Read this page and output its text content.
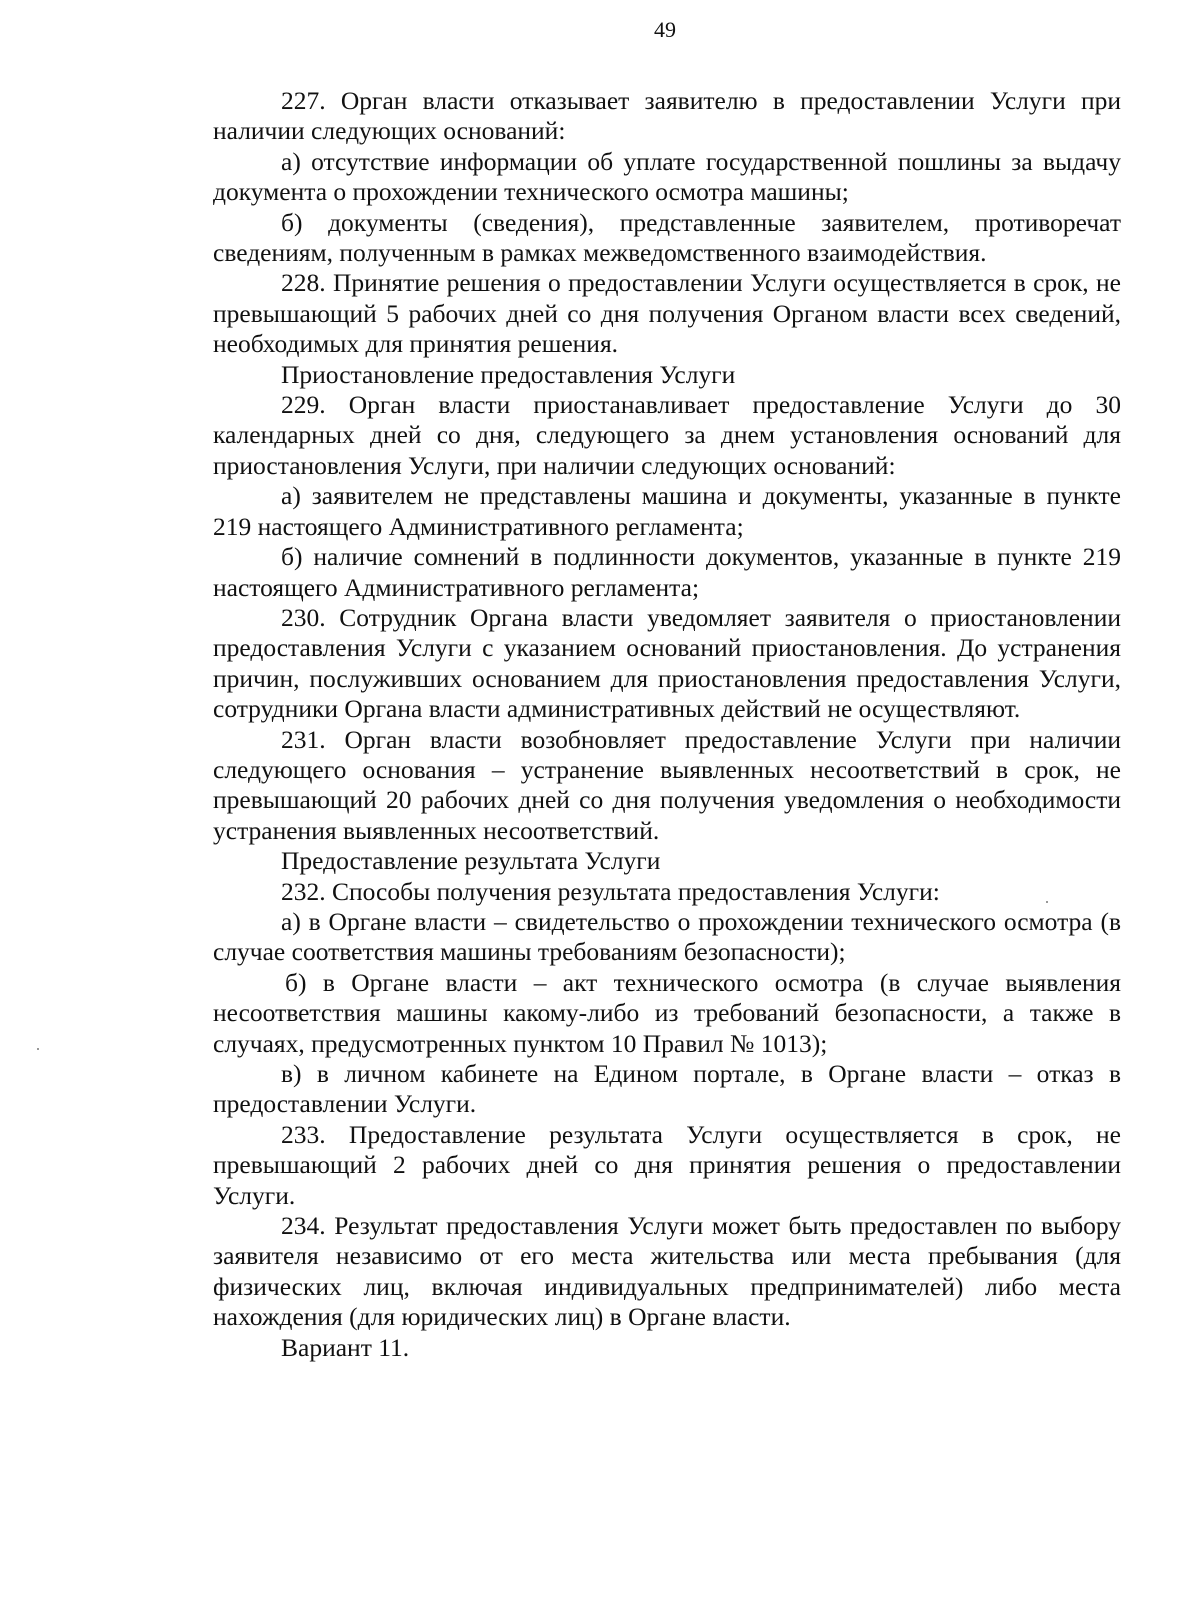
49

227. Орган власти отказывает заявителю в предоставлении Услуги при наличии следующих оснований:

а) отсутствие информации об уплате государственной пошлины за выдачу документа о прохождении технического осмотра машины;

б) документы (сведения), представленные заявителем, противоречат сведениям, полученным в рамках межведомственного взаимодействия.

228. Принятие решения о предоставлении Услуги осуществляется в срок, не превышающий 5 рабочих дней со дня получения Органом власти всех сведений, необходимых для принятия решения.

Приостановление предоставления Услуги

229. Орган власти приостанавливает предоставление Услуги до 30 календарных дней со дня, следующего за днем установления оснований для приостановления Услуги, при наличии следующих оснований:

а) заявителем не представлены машина и документы, указанные в пункте 219 настоящего Административного регламента;

б) наличие сомнений в подлинности документов, указанные в пункте 219 настоящего Административного регламента;

230. Сотрудник Органа власти уведомляет заявителя о приостановлении предоставления Услуги с указанием оснований приостановления. До устранения причин, послуживших основанием для приостановления предоставления Услуги, сотрудники Органа власти административных действий не осуществляют.

231. Орган власти возобновляет предоставление Услуги при наличии следующего основания – устранение выявленных несоответствий в срок, не превышающий 20 рабочих дней со дня получения уведомления о необходимости устранения выявленных несоответствий.

Предоставление результата Услуги

232. Способы получения результата предоставления Услуги:

а) в Органе власти – свидетельство о прохождении технического осмотра (в случае соответствия машины требованиям безопасности);

б) в Органе власти – акт технического осмотра (в случае выявления несоответствия машины какому-либо из требований безопасности, а также в случаях, предусмотренных пунктом 10 Правил № 1013);

в) в личном кабинете на Едином портале, в Органе власти – отказ в предоставлении Услуги.

233. Предоставление результата Услуги осуществляется в срок, не превышающий 2 рабочих дней со дня принятия решения о предоставлении Услуги.

234. Результат предоставления Услуги может быть предоставлен по выбору заявителя независимо от его места жительства или места пребывания (для физических лиц, включая индивидуальных предпринимателей) либо места нахождения (для юридических лиц) в Органе власти.

Вариант 11.
